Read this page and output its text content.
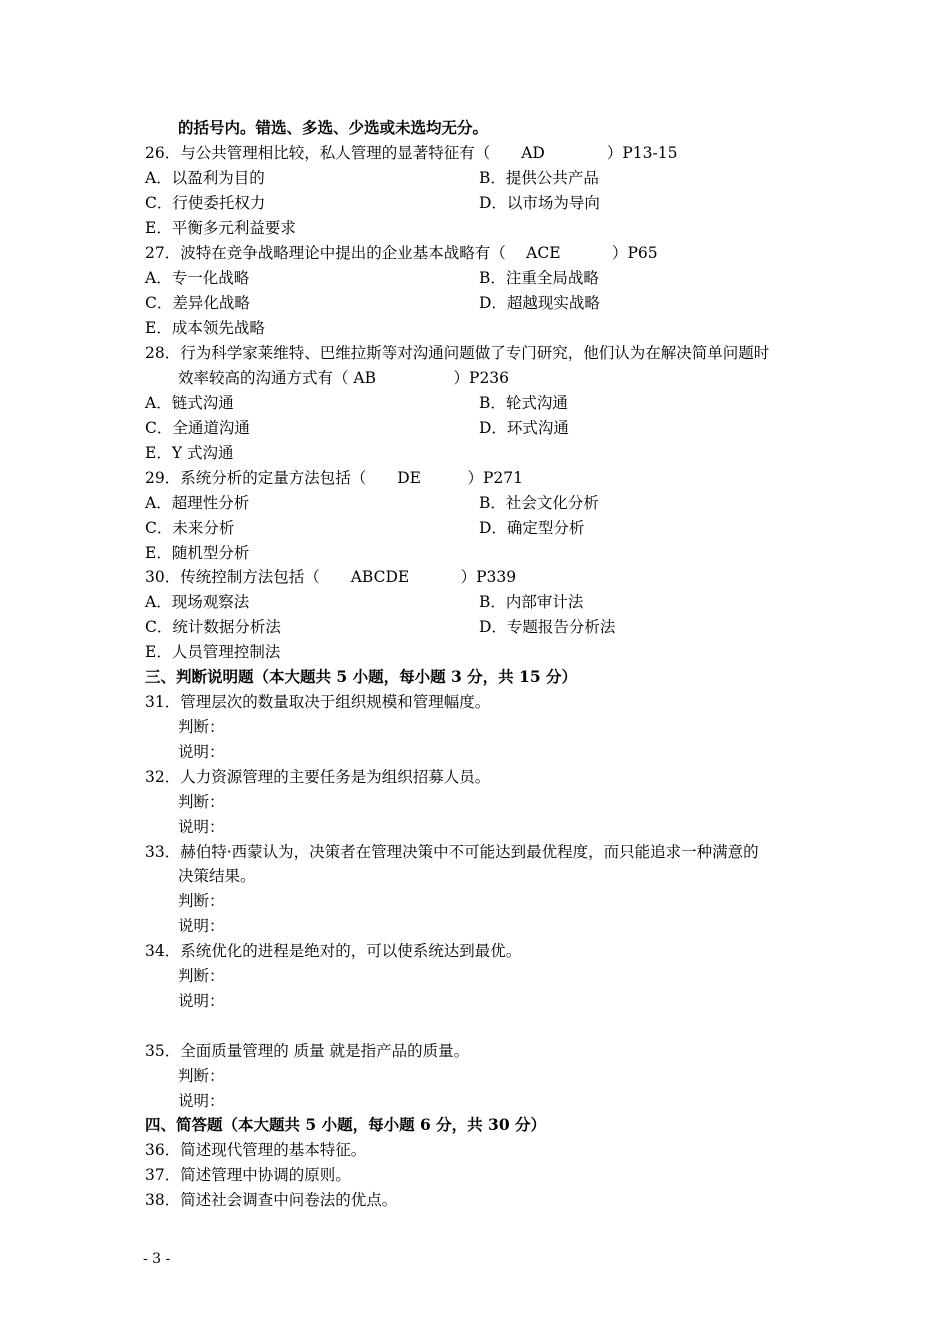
的括号内。错选、多选、少选或未选均无分。
26．与公共管理相比较，私人管理的显著特征有（　　AD　　　　）P13-15
A．以盈利为目的	B．提供公共产品
C．行使委托权力	D．以市场为导向
E．平衡多元利益要求
27．波特在竞争战略理论中提出的企业基本战略有（　 ACE　　　 ）P65
A．专一化战略	B．注重全局战略
C．差异化战略	D．超越现实战略
E．成本领先战略
28．行为科学家莱维特、巴维拉斯等对沟通问题做了专门研究，他们认为在解决简单问题时
效率较高的沟通方式有（ AB　　　　　）P236
A．链式沟通	B．轮式沟通
C．全通道沟通	D．环式沟通
E．Y 式沟通
29．系统分析的定量方法包括（　　DE　　　）P271
A．超理性分析	B．社会文化分析
C．未来分析	D．确定型分析
E．随机型分析
30．传统控制方法包括（　　ABCDE　　　 ）P339
A．现场观察法	B．内部审计法
C．统计数据分析法	D．专题报告分析法
E．人员管理控制法
三、判断说明题（本大题共 5 小题，每小题 3 分，共 15 分）
31．管理层次的数量取决于组织规模和管理幅度。
判断：
说明：
32．人力资源管理的主要任务是为组织招募人员。
判断：
说明：
33．赫伯特·西蒙认为，决策者在管理决策中不可能达到最优程度，而只能追求一种满意的
决策结果。
判断：
说明：
34．系统优化的进程是绝对的，可以使系统达到最优。
判断：
说明：
35．全面质量管理的 质量 就是指产品的质量。
判断：
说明：
四、简答题（本大题共 5 小题，每小题 6 分，共 30 分）
36．简述现代管理的基本特征。
37．简述管理中协调的原则。
38．简述社会调查中问卷法的优点。
- 3 -
